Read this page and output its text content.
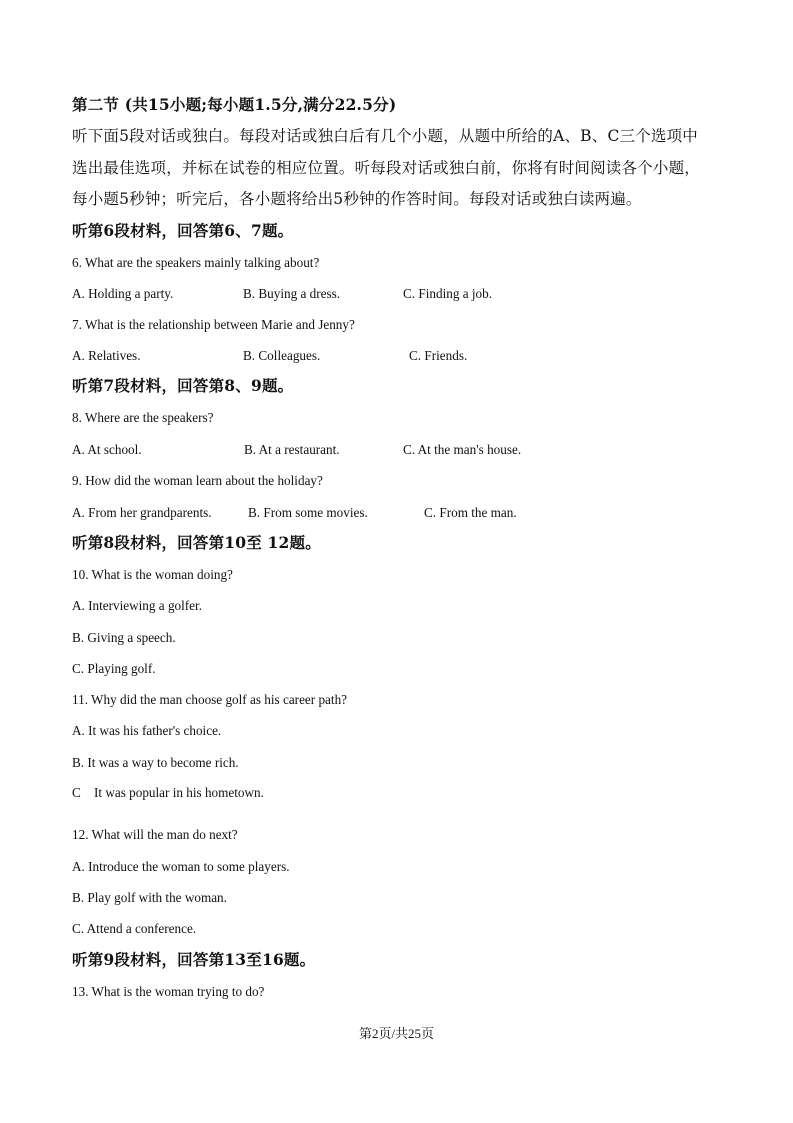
第二节 (共15小题;每小题1.5分,满分22.5分)
听下面5段对话或独白。每段对话或独白后有几个小题，从题中所给的A、B、C三个选项中
选出最佳选项，并标在试卷的相应位置。听每段对话或独白前，你将有时间阅读各个小题，
每小题5秒钟；听完后，各小题将给出5秒钟的作答时间。每段对话或独白读两遍。
听第6段材料，回答第6、7题。
6. What are the speakers mainly talking about?
A. Holding a party.	B. Buying a dress.	C. Finding a job.
7. What is the relationship between Marie and Jenny?
A. Relatives.	B. Colleagues.	C. Friends.
听第7段材料，回答第8、9题。
8. Where are the speakers?
A. At school.	B. At a restaurant.	C. At the man's house.
9. How did the woman learn about the holiday?
A. From her grandparents.	B. From some movies.	C. From the man.
听第8段材料，回答第10至 12题。
10. What is the woman doing?
A. Interviewing a golfer.
B. Giving a speech.
C. Playing golf.
11. Why did the man choose golf as his career path?
A. It was his father's choice.
B. It was a way to become rich.
C    It was popular in his hometown.
12. What will the man do next?
A. Introduce the woman to some players.
B. Play golf with the woman.
C. Attend a conference.
听第9段材料，回答第13至16题。
13. What is the woman trying to do?
第2页/共25页
